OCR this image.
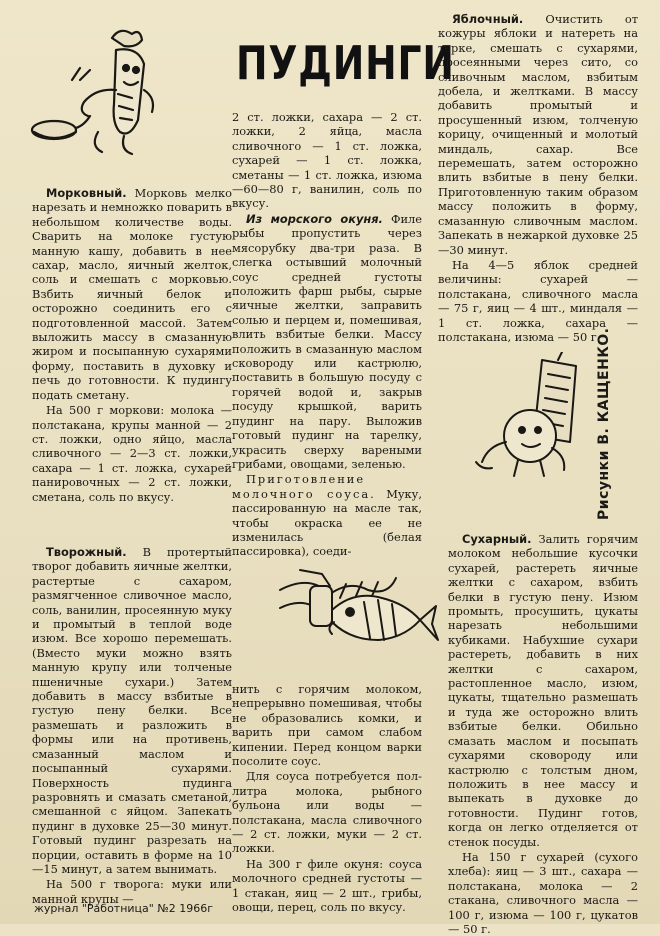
ПУДИНГИ

Морковный. Морковь мелко нарезать и немножко поварить в небольшом количестве воды. Сварить на молоке густую манную кашу, добавить в нее сахар, масло, яичный желток, соль и смешать с морковью. Взбить яичный белок и осторожно соединить его с подготовленной массой. Затем выложить массу в смазанную жиром и посыпанную сухарями форму, поставить в духовку и печь до готовности. К пудингу подать сметану.

На 500 г моркови: молока — полстакана, крупы манной — 2 ст. ложки, одно яйцо, масла сливочного — 2—3 ст. ложки, сахара — 1 ст. ложка, сухарей панировочных — 2 ст. ложки, сметана, соль по вкусу.

Творожный. В протертый творог добавить яичные желтки, растертые с сахаром, размягченное сливочное масло, соль, ванилин, просеянную муку и промытый в теплой воде изюм. Все хорошо перемешать. (Вместо муки можно взять манную крупу или толченые пшеничные сухари.) Затем добавить в массу взбитые в густую пену белки. Все размешать и разложить в формы или на противень, смазанный маслом и посыпанный сухарями. Поверхность пудинга разровнять и смазать сметаной, смешанной с яйцом. Запекать пудинг в духовке 25—30 минут. Готовый пудинг разрезать на порции, оставить в форме на 10—15 минут, а затем вынимать.

На 500 г творога: муки или манной крупы —

2 ст. ложки, сахара — 2 ст. ложки, 2 яйца, масла сливочного — 1 ст. ложка, сухарей — 1 ст. ложка, сметаны — 1 ст. ложка, изюма —60—80 г, ванилин, соль по вкусу.

Из морского окуня. Филе рыбы пропустить через мясорубку два-три раза. В слегка остывший молочный соус средней густоты положить фарш рыбы, сырые яичные желтки, заправить солью и перцем и, помешивая, влить взбитые белки. Массу положить в смазанную маслом сковороду или кастрюлю, поставить в большую посуду с горячей водой и, закрыв посуду крышкой, варить пудинг на пару. Выложив готовый пудинг на тарелку, украсить сверху вареными грибами, овощами, зеленью.

Приготовление молочного соуса. Муку, пассированную на масле так, чтобы окраска ее не изменилась (белая пассировка), соеди-

нить с горячим молоком, непрерывно помешивая, чтобы не образовались комки, и варить при самом слабом кипении. Перед концом варки посолите соус.

Для соуса потребуется пол-литра молока, рыбного бульона или воды — полстакана, масла сливочного — 2 ст. ложки, муки — 2 ст. ложки.

На 300 г филе окуня: соуса молочного средней густоты — 1 стакан, яиц — 2 шт., грибы, овощи, перец, соль по вкусу.

Яблочный. Очистить от кожуры яблоки и натереть на терке, смешать с сухарями, просеянными через сито, со сливочным маслом, взбитым добела, и желтками. В массу добавить промытый и просушенный изюм, толченую корицу, очищенный и молотый миндаль, сахар. Все перемешать, затем осторожно влить взбитые в пену белки. Приготовленную таким образом массу положить в форму, смазанную сливочным маслом. Запекать в нежаркой духовке 25—30 минут.

На 4—5 яблок средней величины: сухарей — полстакана, сливочного масла — 75 г, яиц — 4 шт., миндаля — 1 ст. ложка, сахара — полстакана, изюма — 50 г.

Рисунки В. КАЩЕНКО.

Сухарный. Залить горячим молоком небольшие кусочки сухарей, растереть яичные желтки с сахаром, взбить белки в густую пену. Изюм промыть, просушить, цукаты нарезать небольшими кубиками. Набухшие сухари растереть, добавить в них желтки с сахаром, растопленное масло, изюм, цукаты, тщательно размешать и туда же осторожно влить взбитые белки. Обильно смазать маслом и посыпать сухарями сковороду или кастрюлю с толстым дном, положить в нее массу и выпекать в духовке до готовности. Пудинг готов, когда он легко отделяется от стенок посуды.

На 150 г сухарей (сухого хлеба): яиц — 3 шт., сахара — полстакана, молока — 2 стакана, сливочного масла — 100 г, изюма — 100 г, цукатов — 50 г.

журнал "Работница" №2 1966г
